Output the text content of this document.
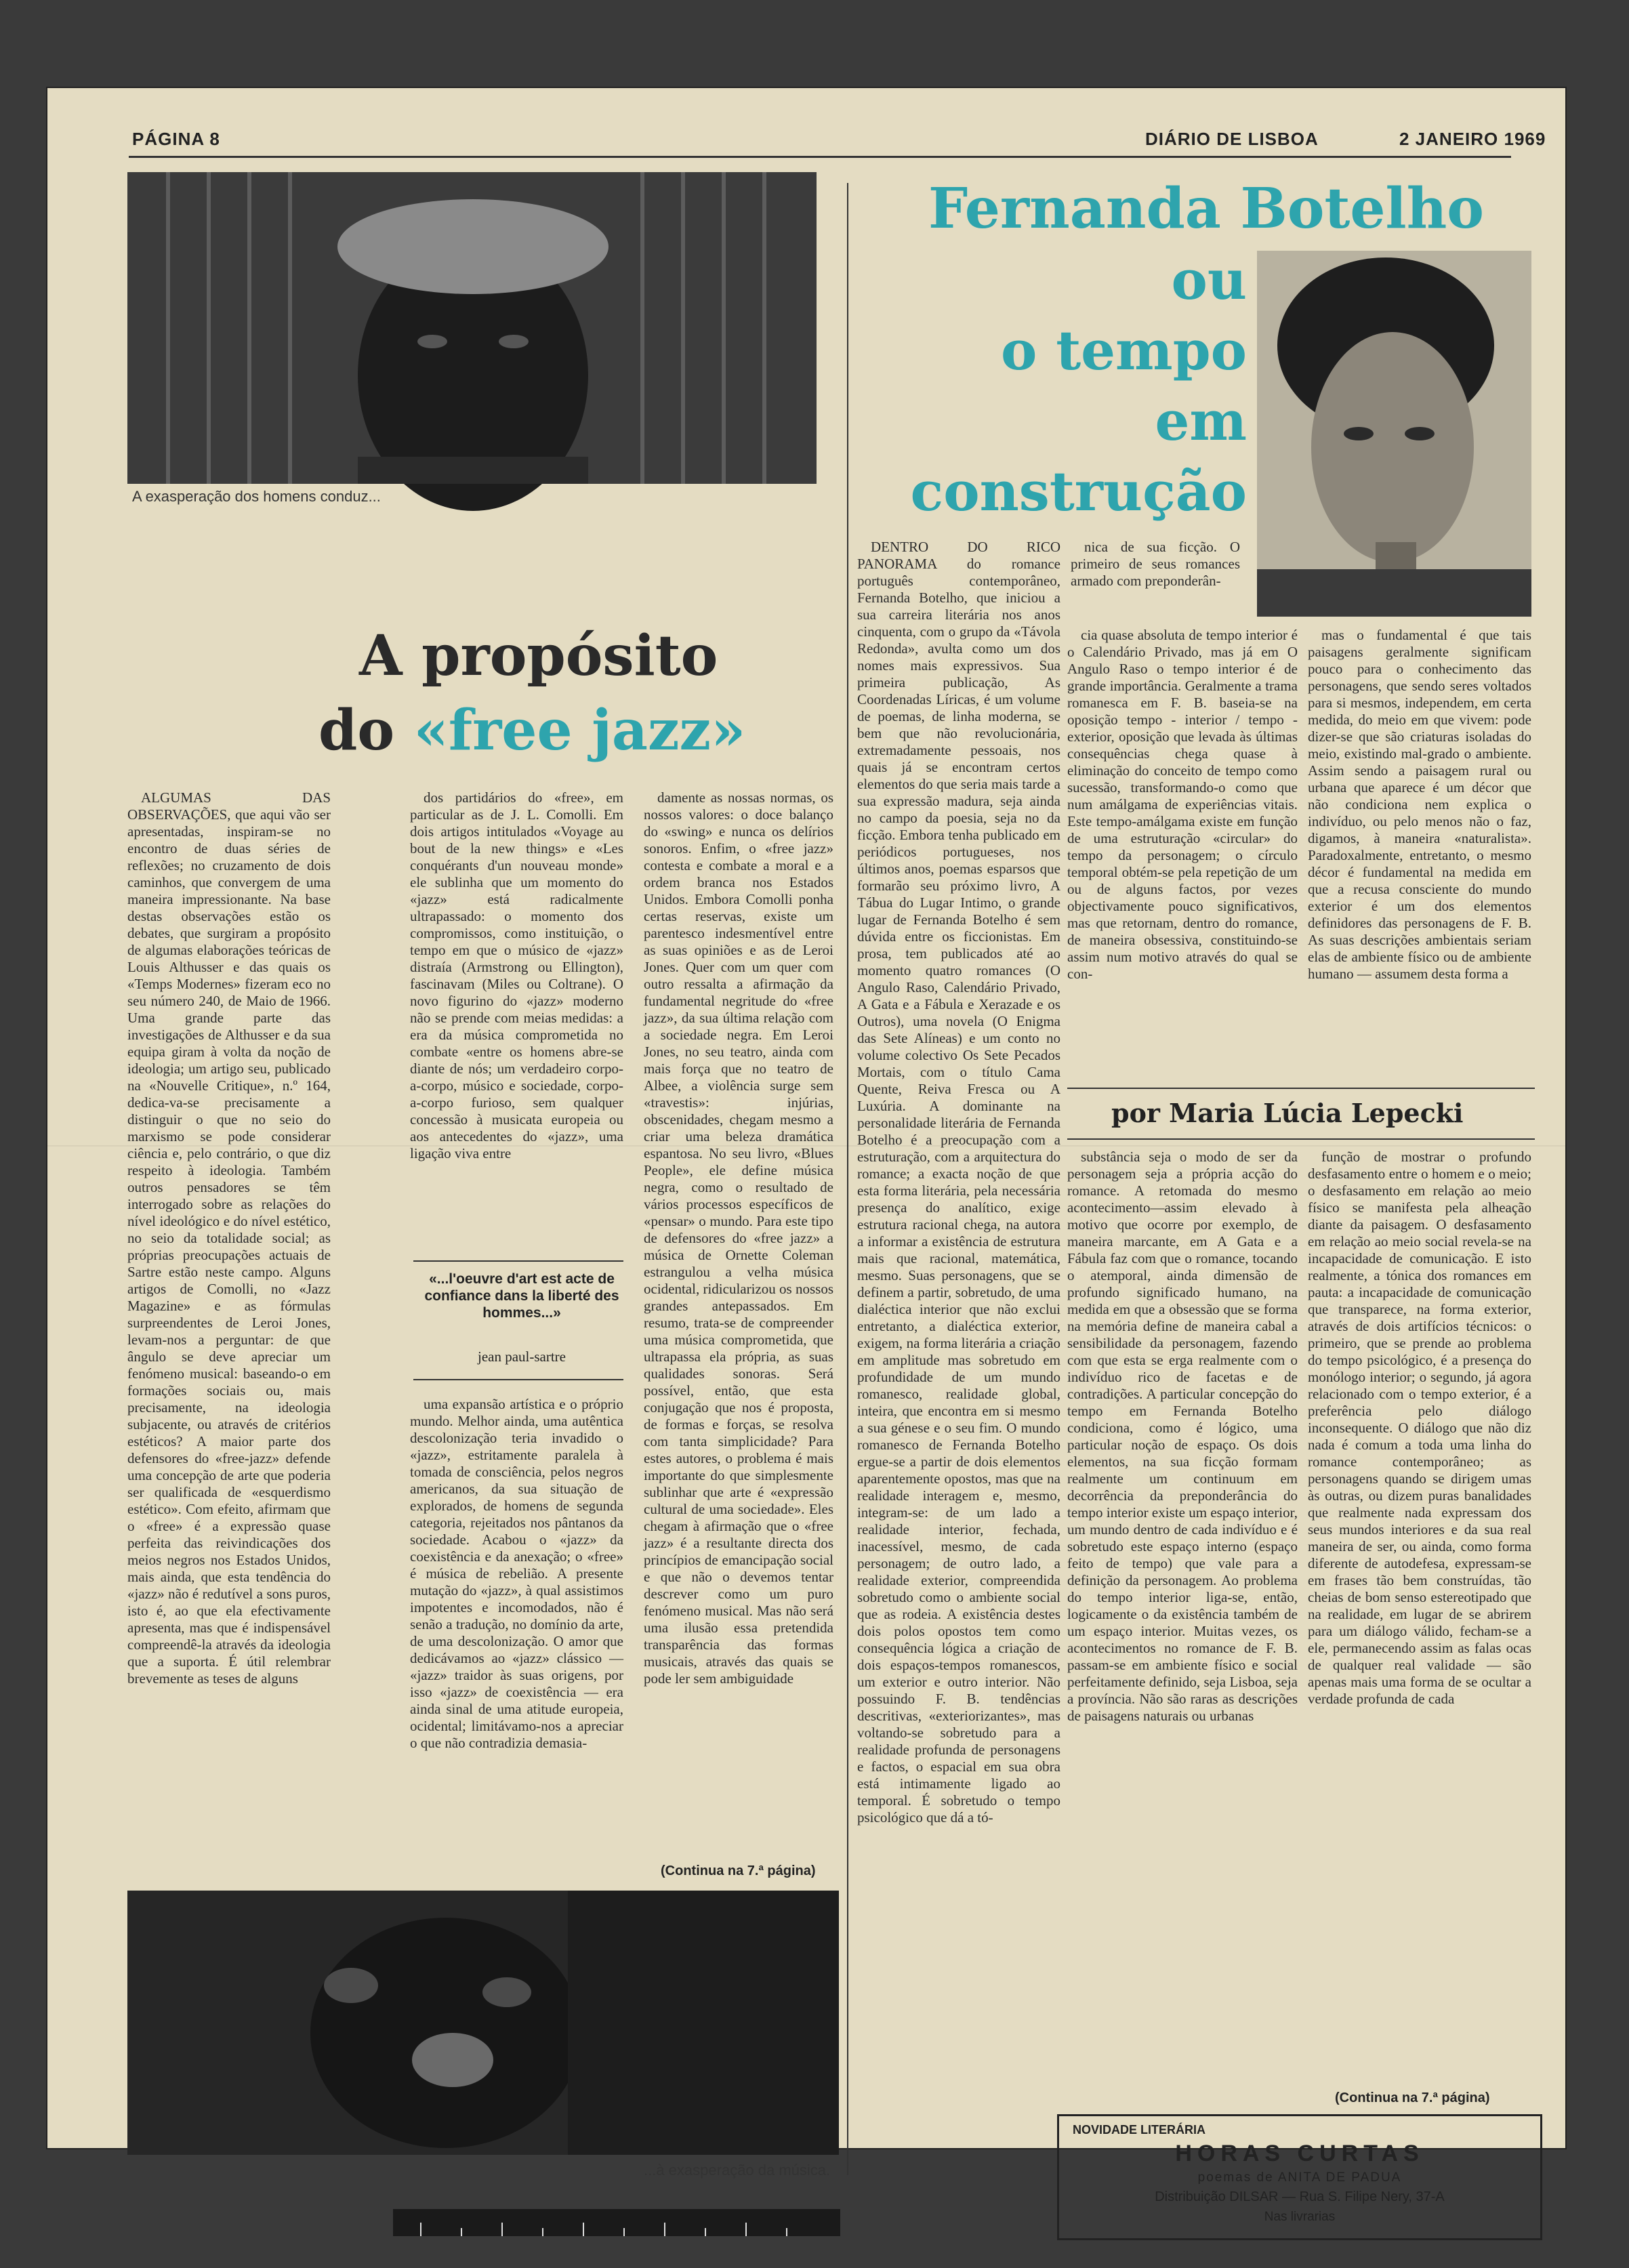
PÁGINA 8	DIÁRIO DE LISBOA	2 JANEIRO 1969
A exasperação dos homens conduz...
A propósito
do «free jazz»

ALGUMAS DAS OBSERVAÇÕES, que aqui vão ser apresentadas, inspiram-se no encontro de duas séries de reflexões; no cruzamento de dois caminhos, que convergem de uma maneira impressionante. Na base destas observações estão os debates, que surgiram a propósito de algumas elaborações teóricas de Louis Althusser e das quais os «Temps Modernes» fizeram eco no seu número 240, de Maio de 1966. Uma grande parte das investigações de Althusser e da sua equipa giram à volta da noção de ideologia; um artigo seu, publicado na «Nouvelle Critique», n.º 164, dedica-va-se precisamente a distinguir o que no seio do marxismo se pode considerar ciência e, pelo contrário, o que diz respeito à ideologia. Também outros pensadores se têm interrogado sobre as relações do nível ideológico e do nível estético, no seio da totalidade social; as próprias preocupações actuais de Sartre estão neste campo. Alguns artigos de Comolli, no «Jazz Magazine» e as fórmulas surpreendentes de Leroi Jones, levam-nos a perguntar: de que ângulo se deve apreciar um fenómeno musical: baseando-o em formações sociais ou, mais precisamente, na ideologia subjacente, ou através de critérios estéticos? A maior parte dos defensores do «free-jazz» defende uma concepção de arte que poderia ser qualificada de «esquerdismo estético». Com efeito, afirmam que o «free» é a expressão quase perfeita das reivindicações dos meios negros nos Estados Unidos, mais ainda, que esta tendência do «jazz» não é redutível a sons puros, isto é, ao que ela efectivamente apresenta, mas que é indispensável compreendê-la através da ideologia que a suporta. É útil relembrar brevemente as teses de alguns

dos partidários do «free», em particular as de J. L. Comolli. Em dois artigos intitulados «Voyage au bout de la new things» e «Les conquérants d'un nouveau monde» ele sublinha que um momento do «jazz» está radicalmente ultrapassado: o momento dos compromissos, como instituição, o tempo em que o músico de «jazz» distraía (Armstrong ou Ellington), fascinavam (Miles ou Coltrane). O novo figurino do «jazz» moderno não se prende com meias medidas: a era da música comprometida no combate «entre os homens abre-se diante de nós; um verdadeiro corpo-a-corpo, músico e sociedade, corpo-a-corpo furioso, sem qualquer concessão à musicata europeia ou aos antecedentes do «jazz», uma ligação viva entre

«...l'oeuvre d'art est acte de confiance dans la liberté des hommes...»
jean paul-sartre

uma expansão artística e o próprio mundo. Melhor ainda, uma autêntica descolonização teria invadido o «jazz», estritamente paralela à tomada de consciência, pelos negros americanos, da sua situação de explorados, de homens de segunda categoria, rejeitados nos pântanos da sociedade. Acabou o «jazz» da coexistência e da anexação; o «free» é música de rebelião. A presente mutação do «jazz», à qual assistimos impotentes e incomodados, não é senão a tradução, no domínio da arte, de uma descolonização. O amor que dedicávamos ao «jazz» clássico — «jazz» traidor às suas origens, por isso «jazz» de coexistência — era ainda sinal de uma atitude europeia, ocidental; limitávamo-nos a apreciar o que não contradizia demasia-

damente as nossas normas, os nossos valores: o doce balanço do «swing» e nunca os delírios sonoros. Enfim, o «free jazz» contesta e combate a moral e a ordem branca nos Estados Unidos. Embora Comolli ponha certas reservas, existe um parentesco indesmentível entre as suas opiniões e as de Leroi Jones. Quer com um quer com outro ressalta a afirmação da fundamental negritude do «free jazz», da sua última relação com a sociedade negra. Em Leroi Jones, no seu teatro, ainda com mais força que no teatro de Albee, a violência surge sem «travestis»: injúrias, obscenidades, chegam mesmo a criar uma beleza dramática espantosa. No seu livro, «Blues People», ele define música negra, como o resultado de vários processos específicos de «pensar» o mundo. Para este tipo de defensores do «free jazz» a música de Ornette Coleman estrangulou a velha música ocidental, ridicularizou os nossos grandes antepassados. Em resumo, trata-se de compreender uma música comprometida, que ultrapassa ela própria, as suas qualidades sonoras. Será possível, então, que esta conjugação que nos é proposta, de formas e forças, se resolva com tanta simplicidade? Para estes autores, o problema é mais importante do que simplesmente sublinhar que arte é «expressão cultural de uma sociedade». Eles chegam à afirmação que o «free jazz» é a resultante directa dos princípios de emancipação social e que não o devemos tentar descrever como um puro fenómeno musical. Mas não será uma ilusão essa pretendida transparência das formas musicais, através das quais se pode ler sem ambiguidade

(Continua na 7.ª página)
...à exasperação da música.
Fernanda Botelho
ou
o tempo
em
construção

DENTRO DO RICO PANORAMA do romance português contemporâneo, Fernanda Botelho, que iniciou a sua carreira literária nos anos cinquenta, com o grupo da «Távola Redonda», avulta como um dos nomes mais expressivos. Sua primeira publicação, As Coordenadas Líricas, é um volume de poemas, de linha moderna, se bem que não revolucionária, extremadamente pessoais, nos quais já se encontram certos elementos do que seria mais tarde a sua expressão madura, seja ainda no campo da poesia, seja no da ficção. Embora tenha publicado em periódicos portugueses, nos últimos anos, poemas esparsos que formarão seu próximo livro, A Tábua do Lugar Intimo, o grande lugar de Fernanda Botelho é sem dúvida entre os ficcionistas. Em prosa, tem publicados até ao momento quatro romances (O Angulo Raso, Calendário Privado, A Gata e a Fábula e Xerazade e os Outros), uma novela (O Enigma das Sete Alíneas) e um conto no volume colectivo Os Sete Pecados Mortais, com o título Cama Quente, Reiva Fresca ou A Luxúria. A dominante na personalidade literária de Fernanda Botelho é a preocupação com a estruturação, com a arquitectura do romance; a exacta noção de que esta forma literária, pela necessária presença do analítico, exige estrutura racional chega, na autora a informar a existência de estrutura mais que racional, matemática, mesmo. Suas personagens, que se definem a partir, sobretudo, de uma dialéctica interior que não exclui entretanto, a dialéctica exterior, exigem, na forma literária a criação em amplitude mas sobretudo em profundidade de um mundo romanesco, realidade global, inteira, que encontra em si mesmo a sua génese e o seu fim. O mundo romanesco de Fernanda Botelho ergue-se a partir de dois elementos aparentemente opostos, mas que na realidade interagem e, mesmo, integram-se: de um lado a realidade interior, fechada, inacessível, mesmo, de cada personagem; de outro lado, a realidade exterior, compreendida sobretudo como o ambiente social que as rodeia. A existência destes dois polos opostos tem como consequência lógica a criação de dois espaços-tempos romanescos, um exterior e outro interior. Não possuindo F. B. tendências descritivas, «exteriorizantes», mas voltando-se sobretudo para a realidade profunda de personagens e factos, o espacial em sua obra está intimamente ligado ao temporal. É sobretudo o tempo psicológico que dá a tó-

nica de sua ficção. O primeiro de seus romances armado com preponderân-

cia quase absoluta de tempo interior é o Calendário Privado, mas já em O Angulo Raso o tempo interior é de grande importância. Geralmente a trama romanesca em F. B. baseia-se na oposição tempo - interior / tempo - exterior, oposição que levada às últimas consequências chega quase à eliminação do conceito de tempo como sucessão, transformando-o como que num amálgama de experiências vitais. Este tempo-amálgama existe em função de uma estruturação «circular» do tempo da personagem; o círculo temporal obtém-se pela repetição de um ou de alguns factos, por vezes objectivamente pouco significativos, mas que retornam, dentro do romance, de maneira obsessiva, constituindo-se assim num motivo através do qual se con-

mas o fundamental é que tais paisagens geralmente significam pouco para o conhecimento das personagens, que sendo seres voltados para si mesmos, independem, em certa medida, do meio em que vivem: pode dizer-se que são criaturas isoladas do meio, existindo mal-grado o ambiente. Assim sendo a paisagem rural ou urbana que aparece é um décor que não condiciona nem explica o indivíduo, ou pelo menos não o faz, digamos, à maneira «naturalista». Paradoxalmente, entretanto, o mesmo décor é fundamental na medida em que a recusa consciente do mundo exterior é um dos elementos definidores das personagens de F. B. As suas descrições ambientais seriam elas de ambiente físico ou de ambiente humano — assumem desta forma a

por Maria Lúcia Lepecki

substância seja o modo de ser da personagem seja a própria acção do romance. A retomada do mesmo acontecimento—assim elevado à motivo que ocorre por exemplo, de maneira marcante, em A Gata e a Fábula faz com que o romance, tocando o atemporal, ainda dimensão de profundo significado humano, na medida em que a obsessão que se forma na memória define de maneira cabal a sensibilidade da personagem, fazendo com que esta se erga realmente com o indivíduo rico de facetas e de contradições. A particular concepção do tempo em Fernanda Botelho condiciona, como é lógico, uma particular noção de espaço. Os dois elementos, na sua ficção formam realmente um continuum em decorrência da preponderância do tempo interior existe um espaço interior, um mundo dentro de cada indivíduo e é sobretudo este espaço interno (espaço feito de tempo) que vale para a definição da personagem. Ao problema do tempo interior liga-se, então, logicamente o da existência também de um espaço interior. Muitas vezes, os acontecimentos no romance de F. B. passam-se em ambiente físico e social perfeitamente definido, seja Lisboa, seja a província. Não são raras as descrições de paisagens naturais ou urbanas

função de mostrar o profundo desfasamento entre o homem e o meio; o desfasamento em relação ao meio físico se manifesta pela alheação diante da paisagem. O desfasamento em relação ao meio social revela-se na incapacidade de comunicação. E isto realmente, a tónica dos romances em pauta: a incapacidade de comunicação que transparece, na forma exterior, através de dois artifícios técnicos: o primeiro, que se prende ao problema do tempo psicológico, é a presença do monólogo interior; o segundo, já agora relacionado com o tempo exterior, é a preferência pelo diálogo inconsequente. O diálogo que não diz nada é comum a toda uma linha do romance contemporâneo; as personagens quando se dirigem umas às outras, ou dizem puras banalidades que realmente nada expressam dos seus mundos interiores e da sua real maneira de ser, ou ainda, como forma diferente de autodefesa, expressam-se em frases tão bem construídas, tão cheias de bom senso estereotipado que na realidade, em lugar de se abrirem para um diálogo válido, fecham-se a ele, permanecendo assim as falas ocas de qualquer real validade — são apenas mais uma forma de se ocultar a verdade profunda de cada

(Continua na 7.ª página)
NOVIDADE LITERÁRIA
HORAS CURTAS
poemas de ANITA DE PADUA
Distribuição DILSAR — Rua S. Filipe Nery, 37-A
Nas livrarias
